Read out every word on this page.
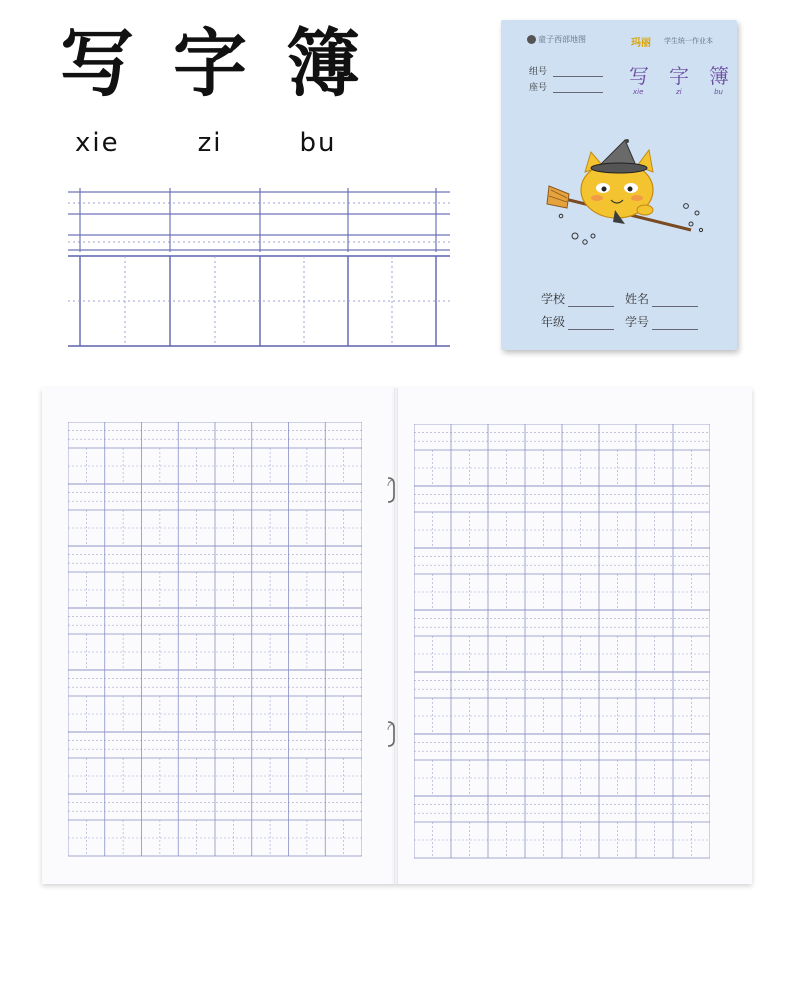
写 字 簿
xie	zi	bu
童子西部地图	玛丽 学生统一作业本
组号
座号	写 字 簿
xie	zi	bu
学校	姓名
年级	学号
